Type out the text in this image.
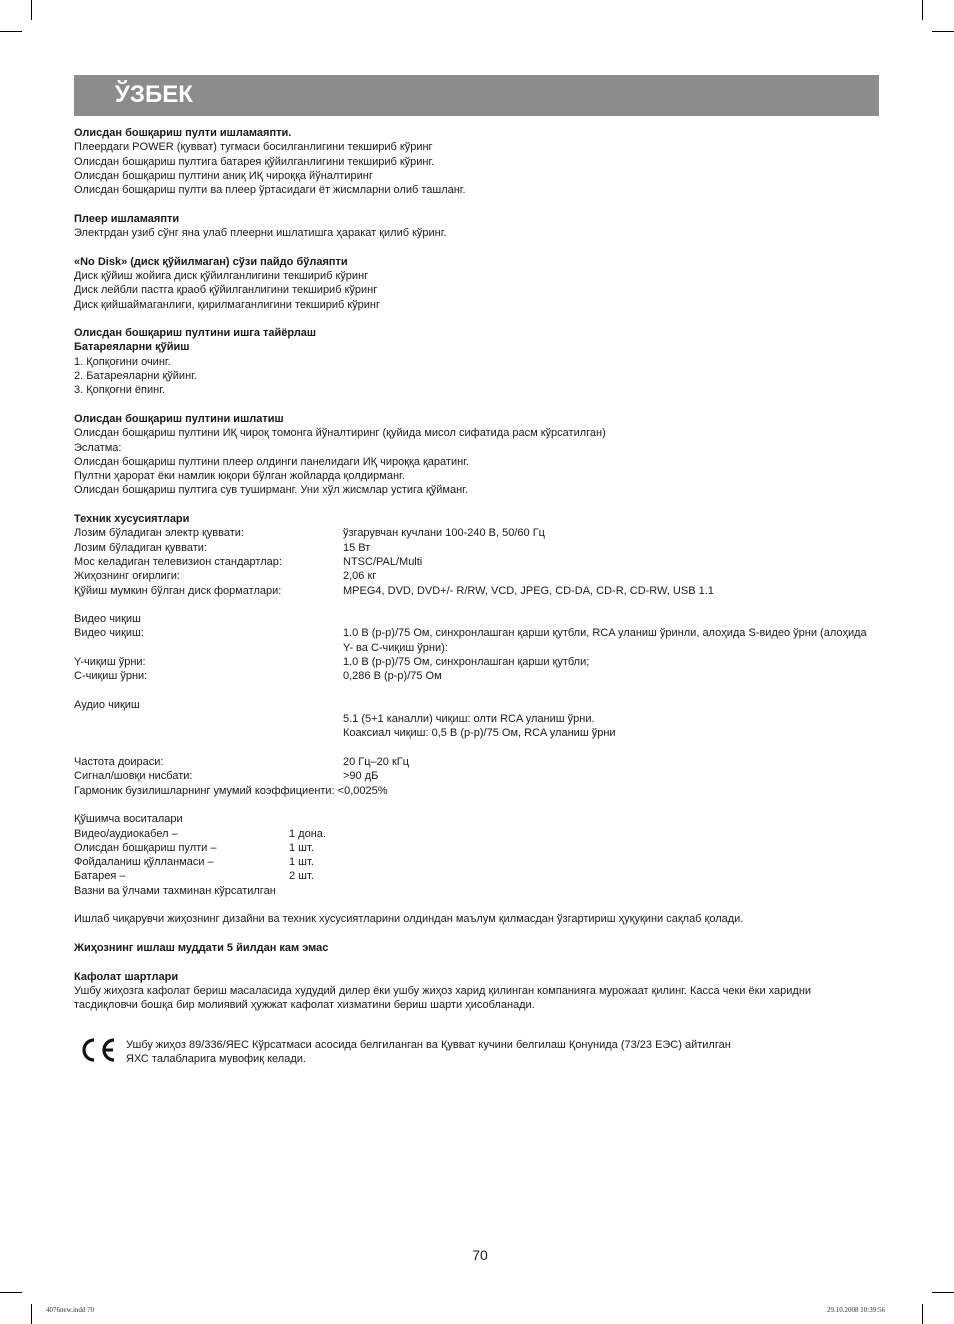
ЎЗБЕК
Олисдан бошқариш пулти ишламаяпти.
Плеердаги POWER (қувват) тугмаси босилганлигини текшириб кўринг
Олисдан бошқариш пултига батарея қўйилганлигини текшириб кўринг.
Олисдан бошқариш пултини аниқ ИҚ чироққа йўналтиринг
Олисдан бошқариш пулти ва плеер ўртасидаги ёт жисмларни олиб ташланг.
Плеер ишламаяпти
Электрдан узиб сўнг яна улаб плеерни ишлатишга ҳаракат қилиб кўринг.
«No Disk» (диск қўйилмаган) сўзи пайдо бўлаяпти
Диск қўйиш жойига диск қўйилганлигини текшириб кўринг
Диск лейбли пастга қраоб қўйилганлигини текшириб кўринг
Диск қийшаймаганлиги, қирилмаганлигини текшириб кўринг
Олисдан бошқариш пултини ишга тайёрлаш
Батареяларни қўйиш
1. Қопқоғини очинг.
2. Батареяларни қўйинг.
3. Қопқоғни ёпинг.
Олисдан бошқариш пултини ишлатиш
Олисдан бошқариш пултини ИҚ чироқ томонга йўналтиринг (қуйида мисол сифатида расм кўрсатилган)
Эслатма:
Олисдан бошқариш пултини плеер олдинги панелидаги ИҚ чироққа қаратинг.
Пултни ҳарорат ёки намлик юқори бўлган жойларда қолдирманг.
Олисдан бошқариш пултига сув туширманг. Уни хўл жисмлар устига қўйманг.
Техник хусусиятлари
Лозим бўладиган электр қуввати:	ўзгарувчан кучлани 100-240 В, 50/60 Гц
Лозим бўладиган қуввати:	15 Вт
Мос келадиган телевизион стандартлар:	NTSC/PAL/Multi
Жиҳознинг оғирлиги:	2,06 кг
Қўйиш мумкин бўлган диск форматлари:	MPEG4, DVD, DVD+/- R/RW, VCD, JPEG, CD-DA, CD-R, CD-RW, USB 1.1
Видео чиқиш
Видео чиқиш:	1.0 В (р-р)/75 Ом, синхронлашган қарши қутбли, RCA уланиш ўринли, алоҳида S-видео ўрни (алоҳида Y- ва С-чиқиш ўрни):
Y-чиқиш ўрни:	1.0 В (р-р)/75 Ом, синхронлашган қарши қутбли;
С-чиқиш ўрни:	0,286 В (р-р)/75 Ом
Аудио чиқиш
5.1 (5+1 каналли) чиқиш: олти RCA уланиш ўрни.
Коаксиал чиқиш: 0,5 В (р-р)/75 Ом, RCA уланиш ўрни
Частота доираси:	20 Гц–20 кГц
Сигнал/шовқи нисбати:	>90 дБ
Гармоник бузилишларнинг умумий коэффициенти: <0,0025%
Қўшимча воситалари
Видео/аудиокабел –	1 дона.
Олисдан бошқариш пулти –	1 шт.
Фойдаланиш қўлланмаси –	1 шт.
Батарея –	2 шт.
Вазни ва ўлчами тахминан кўрсатилган
Ишлаб чиқарувчи жиҳознинг дизайни ва техник хусусиятларини олдиндан маълум қилмасдан ўзгартириш ҳуқуқини сақлаб қолади.
Жиҳознинг ишлаш муддати 5 йилдан кам эмас
Кафолат шартлари
Ушбу жиҳозга кафолат бериш масаласида худудий дилер ёки ушбу жиҳоз харид қилинган компанияга мурожаат қилинг. Касса чеки ёки харидни тасдиқловчи бошқа бир молиявий ҳужжат кафолат хизматини бериш шарти ҳисобланади.
Ушбу жиҳоз 89/336/ЯЕС Кўрсатмаси асосида белгиланган ва Қувват кучини белгилаш Қонунида (73/23 ЕЭС) айтилган
ЯХС талабларига мувофиқ келади.
70
4076new.indd 70	29.10.2008 10:39:56
